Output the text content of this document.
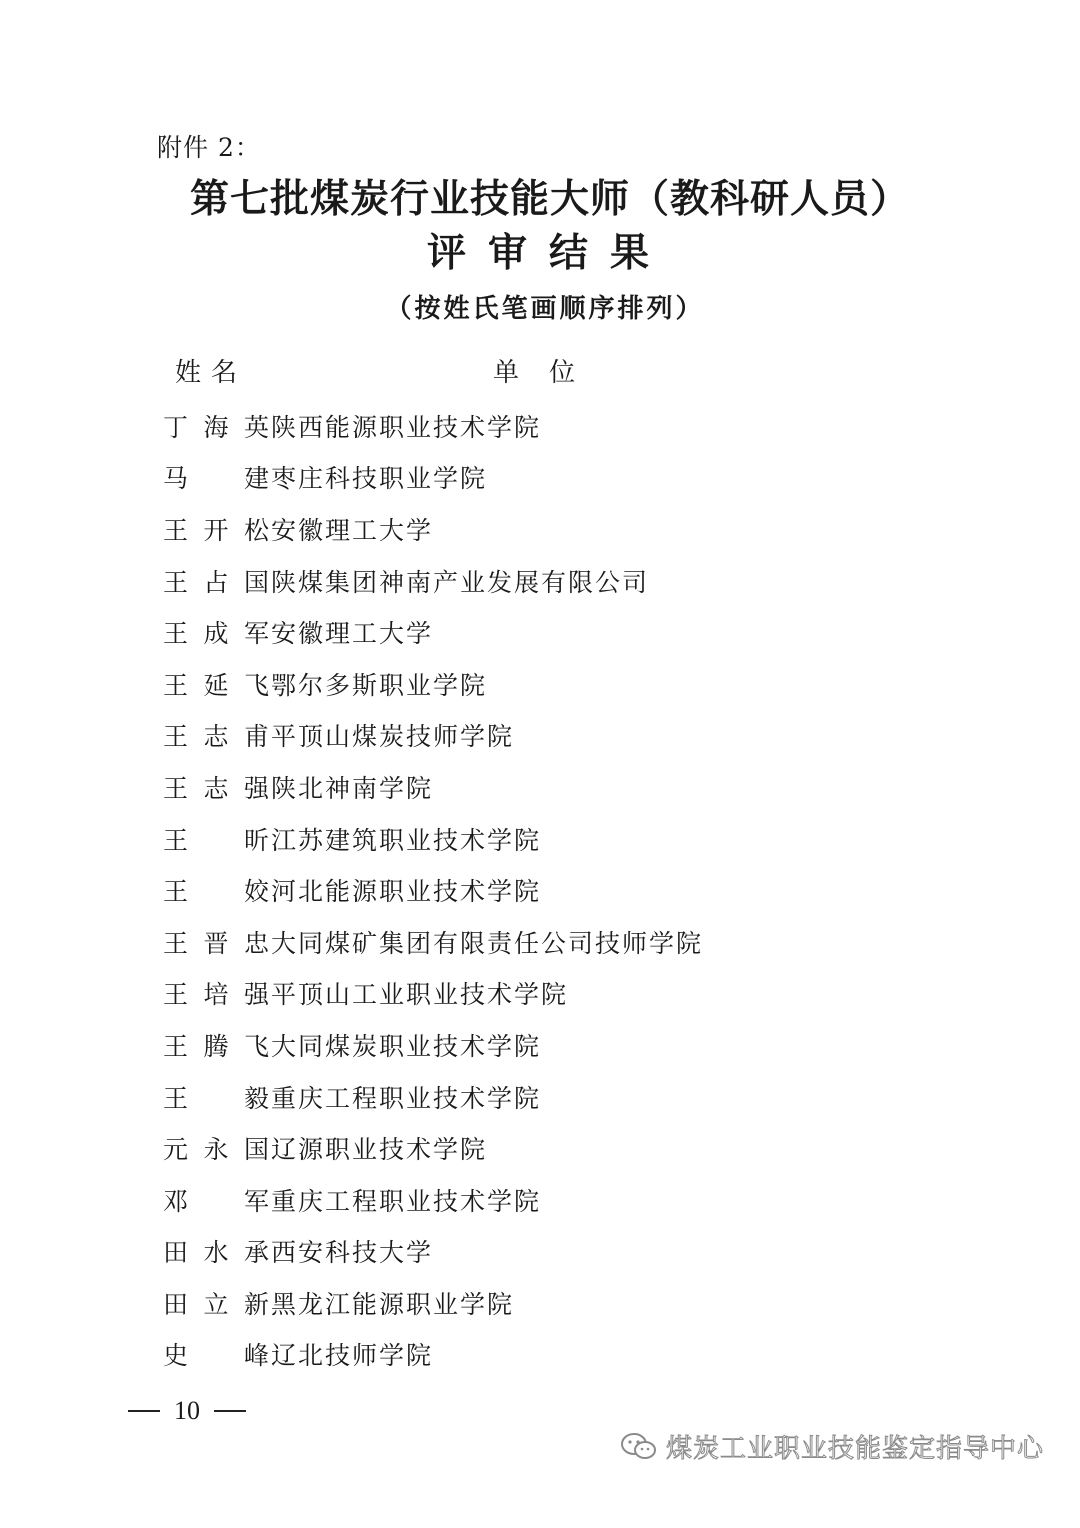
附件 2：
第七批煤炭行业技能大师（教科研人员）
评审结果
（按姓氏笔画顺序排列）
姓名	单位
丁海英 陕西能源职业技术学院
马建 枣庄科技职业学院
王开松 安徽理工大学
王占国 陕煤集团神南产业发展有限公司
王成军 安徽理工大学
王延飞 鄂尔多斯职业学院
王志甫 平顶山煤炭技师学院
王志强 陕北神南学院
王昕 江苏建筑职业技术学院
王姣 河北能源职业技术学院
王晋忠 大同煤矿集团有限责任公司技师学院
王培强 平顶山工业职业技术学院
王腾飞 大同煤炭职业技术学院
王毅 重庆工程职业技术学院
元永国 辽源职业技术学院
邓军 重庆工程职业技术学院
田水承 西安科技大学
田立新 黑龙江能源职业学院
史峰 辽北技师学院
10
煤炭工业职业技能鉴定指导中心
